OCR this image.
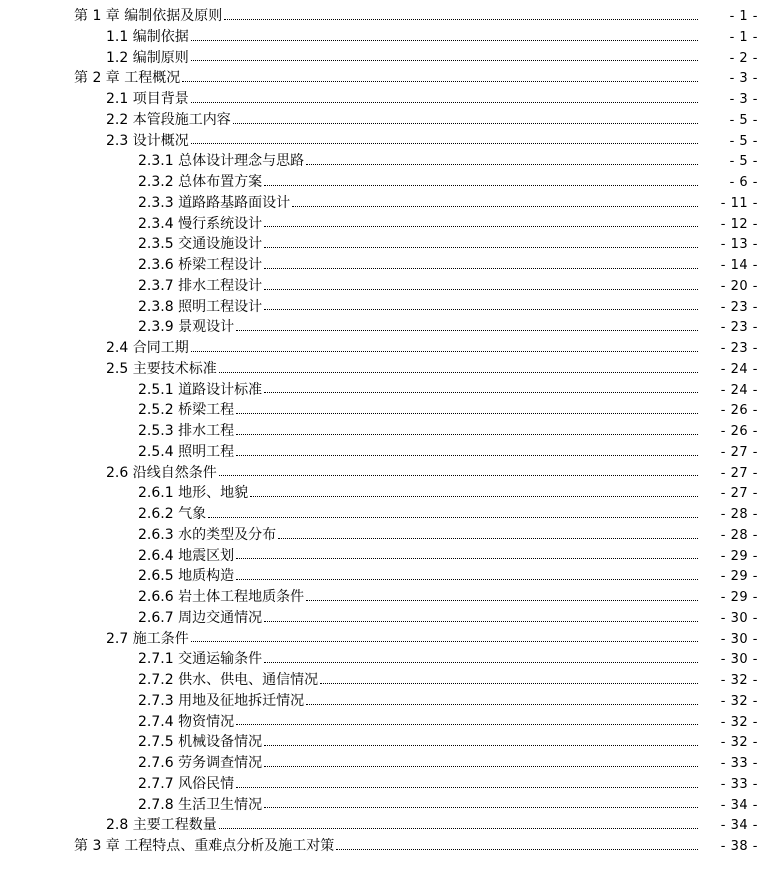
第 1 章 编制依据及原则	- 1 -
1.1 编制依据	- 1 -
1.2 编制原则	- 2 -
第 2 章 工程概况	- 3 -
2.1 项目背景	- 3 -
2.2 本管段施工内容	- 5 -
2.3 设计概况	- 5 -
2.3.1 总体设计理念与思路	- 5 -
2.3.2 总体布置方案	- 6 -
2.3.3 道路路基路面设计	- 11 -
2.3.4 慢行系统设计	- 12 -
2.3.5 交通设施设计	- 13 -
2.3.6 桥梁工程设计	- 14 -
2.3.7 排水工程设计	- 20 -
2.3.8 照明工程设计	- 23 -
2.3.9 景观设计	- 23 -
2.4 合同工期	- 23 -
2.5 主要技术标准	- 24 -
2.5.1 道路设计标准	- 24 -
2.5.2 桥梁工程	- 26 -
2.5.3 排水工程	- 26 -
2.5.4 照明工程	- 27 -
2.6 沿线自然条件	- 27 -
2.6.1 地形、地貌	- 27 -
2.6.2 气象	- 28 -
2.6.3 水的类型及分布	- 28 -
2.6.4 地震区划	- 29 -
2.6.5 地质构造	- 29 -
2.6.6 岩土体工程地质条件	- 29 -
2.6.7 周边交通情况	- 30 -
2.7 施工条件	- 30 -
2.7.1 交通运输条件	- 30 -
2.7.2 供水、供电、通信情况	- 32 -
2.7.3 用地及征地拆迁情况	- 32 -
2.7.4 物资情况	- 32 -
2.7.5 机械设备情况	- 32 -
2.7.6 劳务调查情况	- 33 -
2.7.7 风俗民情	- 33 -
2.7.8 生活卫生情况	- 34 -
2.8 主要工程数量	- 34 -
第 3 章 工程特点、重难点分析及施工对策	- 38 -
